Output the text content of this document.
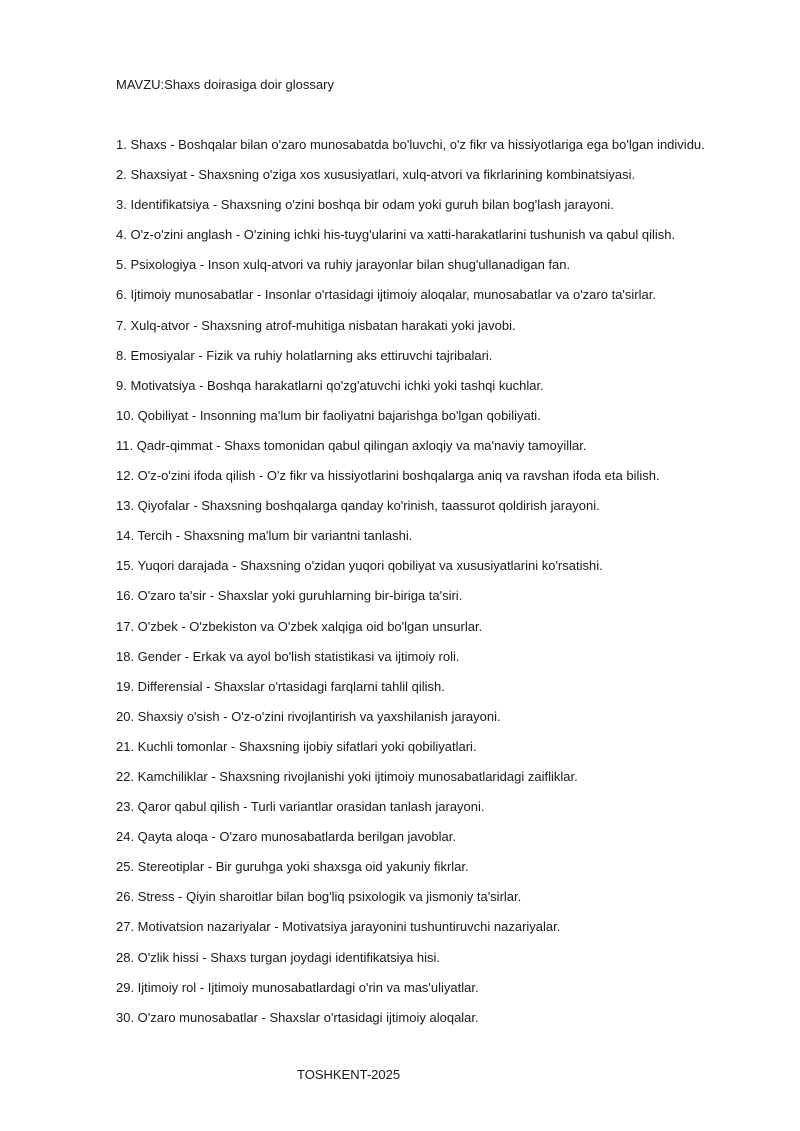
MAVZU:Shaxs doirasiga doir glossary
1. Shaxs - Boshqalar bilan o'zaro munosabatda bo'luvchi, o'z fikr va hissiyotlariga ega bo'lgan individu.
2. Shaxsiyat - Shaxsning o'ziga xos xususiyatlari, xulq-atvori va fikrlarining kombinatsiyasi.
3. Identifikatsiya - Shaxsning o'zini boshqa bir odam yoki guruh bilan bog'lash jarayoni.
4. O'z-o'zini anglash - O'zining ichki his-tuyg'ularini va xatti-harakatlarini tushunish va qabul qilish.
5. Psixologiya - Inson xulq-atvori va ruhiy jarayonlar bilan shug'ullanadigan fan.
6. Ijtimoiy munosabatlar - Insonlar o'rtasidagi ijtimoiy aloqalar, munosabatlar va o'zaro ta'sirlar.
7. Xulq-atvor - Shaxsning atrof-muhitiga nisbatan harakati yoki javobi.
8. Emosiyalar - Fizik va ruhiy holatlarning aks ettiruvchi tajribalari.
9. Motivatsiya - Boshqa harakatlarni qo'zg'atuvchi ichki yoki tashqi kuchlar.
10. Qobiliyat - Insonning ma'lum bir faoliyatni bajarishga bo'lgan qobiliyati.
11. Qadr-qimmat - Shaxs tomonidan qabul qilingan axloqiy va ma'naviy tamoyillar.
12. O'z-o'zini ifoda qilish - O'z fikr va hissiyotlarini boshqalarga aniq va ravshan ifoda eta bilish.
13. Qiyofalar - Shaxsning boshqalarga qanday ko'rinish, taassurot qoldirish jarayoni.
14. Tercih - Shaxsning ma'lum bir variantni tanlashi.
15. Yuqori darajada - Shaxsning o'zidan yuqori qobiliyat va xususiyatlarini ko'rsatishi.
16. O'zaro ta'sir - Shaxslar yoki guruhlarning bir-biriga ta'siri.
17. O'zbek - O'zbekiston va O'zbek xalqiga oid bo'lgan unsurlar.
18. Gender - Erkak va ayol bo'lish statistikasi va ijtimoiy roli.
19. Differensial - Shaxslar o'rtasidagi farqlarni tahlil qilish.
20. Shaxsiy o'sish - O'z-o'zini rivojlantirish va yaxshilanish jarayoni.
21. Kuchli tomonlar - Shaxsning ijobiy sifatlari yoki qobiliyatlari.
22. Kamchiliklar - Shaxsning rivojlanishi yoki ijtimoiy munosabatlaridagi zaifliklar.
23. Qaror qabul qilish - Turli variantlar orasidan tanlash jarayoni.
24. Qayta aloqa - O'zaro munosabatlarda berilgan javoblar.
25. Stereotiplar - Bir guruhga yoki shaxsga oid yakuniy fikrlar.
26. Stress - Qiyin sharoitlar bilan bog'liq psixologik va jismoniy ta'sirlar.
27. Motivatsion nazariyalar - Motivatsiya jarayonini tushuntiruvchi nazariyalar.
28. O'zlik hissi - Shaxs turgan joydagi identifikatsiya hisi.
29. Ijtimoiy rol - Ijtimoiy munosabatlardagi o'rin va mas'uliyatlar.
30. O'zaro munosabatlar - Shaxslar o'rtasidagi ijtimoiy aloqalar.
TOSHKENT-2025
